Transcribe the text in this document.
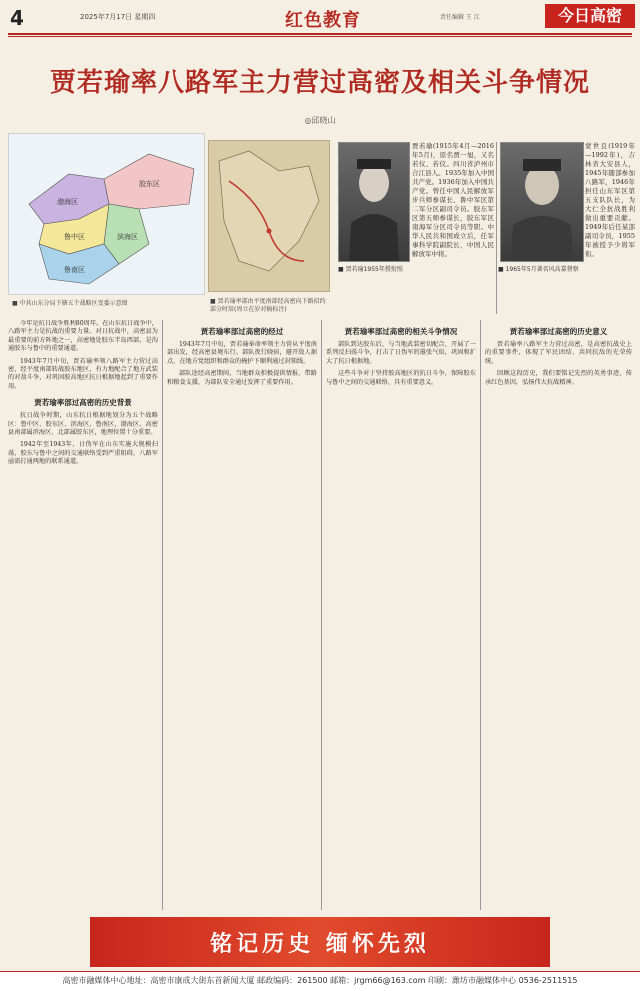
4	2025年7月17日 星期四	红色教育	责任编辑 王 江	今日高密
贾若瑜率八路军主力营过高密及相关斗争情况
◎邱晓山
渤海区
胶东区
鲁中区	滨海区
鲁南区
■ 中共山东分局下辖五个战略区变委示意图	■ 贾若瑜率部由平度南部经高密向下路招约部分时辰(周立在岁对稿标注)
■ 贾若瑜1955年授衔照
贾若瑜(1915年4月—2016年5月)，原名贾一旭，又名若仪、若仪。四川省泸州市合江县人。1935年加入中国共产党。1936年加入中国共产党。曾任中国人民解放军步兵师参谋长、鲁中军区第二军分区副司令员。胶东军区第五师参谋长，胶东军区南海军分区司令员等职。中华人民共和国成立后，任军事科学院副院长，中国人民解放军中将。
■ 1965年5月著名风高嘉督察
蒙世良(1919年—1992年)，吉林省大安县人，1945年随部参加八路军，1946年担任山东军区第五支队队长，为大仁全抗战胜利做出重要贡献。1949年后任某部副司令员，1955年被授予少将军衔。

今年是抗日战争胜利80周年。在山东抗日战争中，八路军主力是抗战的重要力量。对日抗战中，高密县为最重要的前方阵地之一，高密地处胶东半岛西部，是沟通胶东与鲁中的重要通道。

1943年7月中旬，贾若瑜率领八路军主力营过高密，经平度南部转战胶东地区，有力地配合了地方武装的对敌斗争，对巩固胶高地区抗日根据地起到了重要作用。

贾若瑜率部过高密的历史背景

抗日战争时期，山东抗日根据地划分为五个战略区：鲁中区、胶东区、滨海区、鲁南区、渤海区。高密县南部属滨海区，北部属胶东区，地理位置十分重要。

1942年至1943年，日伪军在山东实施大规模扫荡，胶东与鲁中之间的交通联络受到严重阻碍，八路军亟需打通两地的联系通道。

贾若瑜率部过高密的经过

1943年7月中旬，贾若瑜奉命率领主力营从平度南部出发，经高密县境东行。部队夜行晓宿，避开敌人据点，在地方党组织和群众的掩护下顺利通过封锁线。

部队途经高密期间，当地群众积极提供情报、带路和粮食支援，为部队安全通过发挥了重要作用。

贾若瑜率部过高密的相关斗争情况

部队到达胶东后，与当地武装密切配合，开展了一系列反扫荡斗争，打击了日伪军的嚣张气焰，巩固和扩大了抗日根据地。

这些斗争对于坚持胶高地区的抗日斗争，保障胶东与鲁中之间的交通联络，具有重要意义。

贾若瑜率部过高密的历史意义

贾若瑜率八路军主力营过高密，是高密抗战史上的重要事件，体现了军民团结、共同抗敌的光荣传统。

回顾这段历史，我们要铭记先烈的英勇事迹，传承红色基因，弘扬伟大抗战精神。

铭记历史 缅怀先烈
高密市融媒体中心地址：高密市康成大街东首新闻大厦 邮政编码：261500 邮箱：jrgm66@163.com 印刷：潍坊市融媒体中心 0536-2511515
